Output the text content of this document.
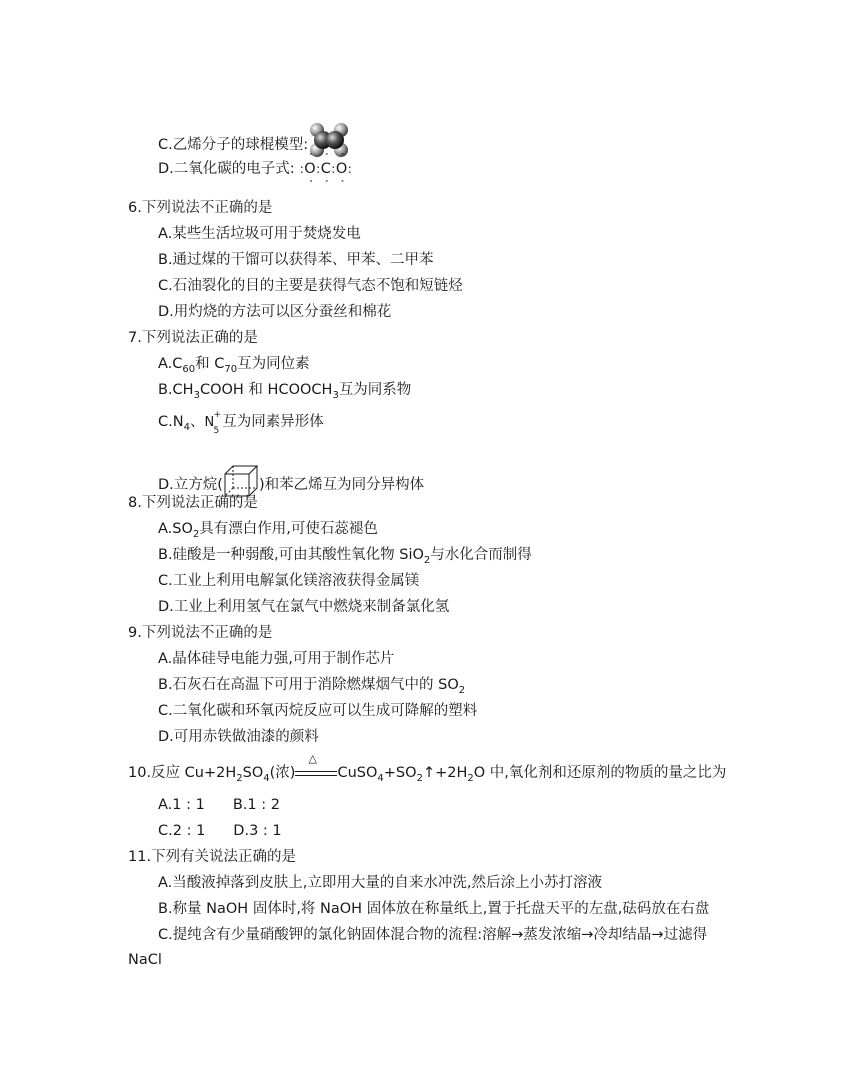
C.乙烯分子的球棍模型:
D.二氧化碳的电子式: :·· O ··:·· C ··:·· O ··:
6.下列说法不正确的是
A.某些生活垃圾可用于焚烧发电
B.通过煤的干馏可以获得苯、甲苯、二甲苯
C.石油裂化的目的主要是获得气态不饱和短链烃
D.用灼烧的方法可以区分蚕丝和棉花
7.下列说法正确的是
$A.C_{60}$和 $C_{70}$互为同位素
$B.CH_3COOH$ 和 $HCOOCH_3$互为同系物
$C.N_4$、N +
5
互为同素异形体
D.立方烷( )和苯乙烯互为同分异构体
8.下列说法正确的是
$A.SO_2$具有漂白作用,可使石蕊褪色
B.硅酸是一种弱酸,可由其酸性氧化物 SiO$_2$与水化合而制得
C.工业上利用电解氯化镁溶液获得金属镁
D.工业上利用氢气在氯气中燃烧来制备氯化氢
9.下列说法不正确的是
A.晶体硅导电能力强,可用于制作芯片
B.石灰石在高温下可用于消除燃煤烟气中的 $SO_2$
C.二氧化碳和环氧丙烷反应可以生成可降解的塑料
D.可用赤铁做油漆的颜料
10.反应 $Cu+2H_2SO_4$(浓)
△
$CuSO_4+SO_2↑+2H_2O$ 中,氧化剂和还原剂的物质的量之比为
A.1 : 1 B.1 : 2
C.2 : 1 D.3 : 1
11.下列有关说法正确的是
A.当酸液掉落到皮肤上,立即用大量的自来水冲洗,然后涂上小苏打溶液
B.称量 NaOH 固体时,将 NaOH 固体放在称量纸上,置于托盘天平的左盘,砝码放在右盘
C.提纯含有少量硝酸钾的氯化钠固体混合物的流程:溶解→蒸发浓缩→冷却结晶→过滤得
NaCl
